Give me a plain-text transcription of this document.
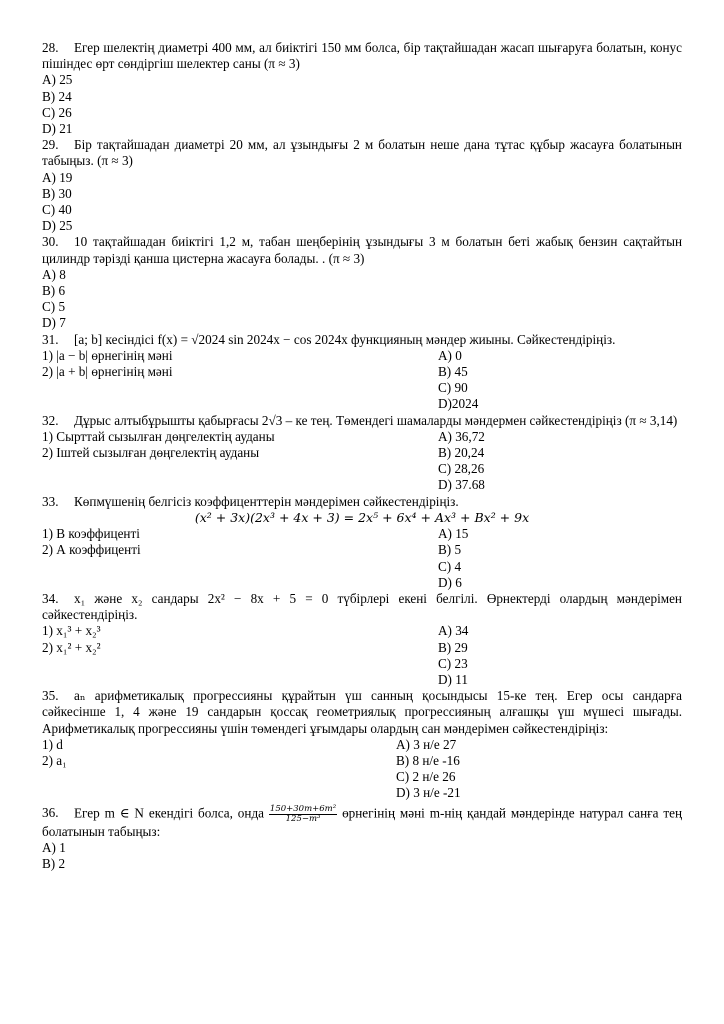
28. Егер шелектің диаметрі 400 мм, ал биіктігі 150 мм болса, бір тақтайшадан жасап шығаруға болатын, конус пішіндес өрт сөндіргіш шелектер саны (π ≈ 3)
A) 25
B) 24
C) 26
D) 21
29. Бір тақтайшадан диаметрі 20 мм, ал ұзындығы 2 м болатын неше дана тұтас құбыр жасауға болатынын табыңыз. (π ≈ 3)
A) 19
B) 30
C) 40
D) 25
30. 10 тақтайшадан биіктігі 1,2 м, табан шеңберінің ұзындығы 3 м болатын беті жабық бензин сақтайтын цилиндр тәрізді қанша цистерна жасауға болады. . (π ≈ 3)
A) 8
B) 6
C) 5
D) 7
31. [a; b] кесіндісі f(x) = √2024 sin 2024x − cos 2024x функцияның мәндер жиыны. Сәйкестендіріңіз.
1) |a − b| өрнегінің мәні	A) 0
2) |a + b| өрнегінің мәні	B) 45
C) 90
D)2024
32. Дұрыс алтыбұрышты қабырғасы 2√3 – ке тең. Төмендегі шамаларды мәндермен сәйкестендіріңіз (π ≈ 3,14)
1) Сырттай сызылған дөңгелектің ауданы	A) 36,72
2) Іштей сызылған дөңгелектің ауданы	B) 20,24
C) 28,26
D) 37.68
33. Көпмүшенің белгісіз коэффиценттерін мәндерімен сәйкестендіріңіз.
(x² + 3x)(2x³ + 4x + 3) = 2x⁵ + 6x⁴ + Ax³ + Bx² + 9x
1) В коэффиценті	A) 15
2) А коэффиценті	B) 5
C) 4
D) 6
34. x₁ және x₂ сандары 2x² − 8x + 5 = 0 түбірлері екені белгілі. Өрнектерді олардың мәндерімен сәйкестендіріңіз.
1) x₁³ + x₂³	A) 34
2) x₁² + x₂²	B) 29
C) 23
D) 11
35. aₙ арифметикалық прогрессияны құрайтын үш санның қосындысы 15-ке тең. Егер осы сандарға сәйкесінше 1, 4 және 19 сандарын қоссақ геометриялық прогрессияның алғашқы үш мүшесі шығады. Арифметикалық прогрессияны үшін төмендегі ұғымдары олардың сан мәндерімен сәйкестендіріңіз:
1) d	A) 3 н/е 27
2) a₁	B) 8 н/е -16
C) 2 н/е 26
D) 3 н/е -21
36. Егер m ∈ N екендігі болса, онда $\frac{\text{150+30m+6m²}}{\text{125−m³}}$ өрнегінің мәні m-нің қандай мәндерінде натурал санға тең болатынын табыңыз:
A) 1
B) 2
